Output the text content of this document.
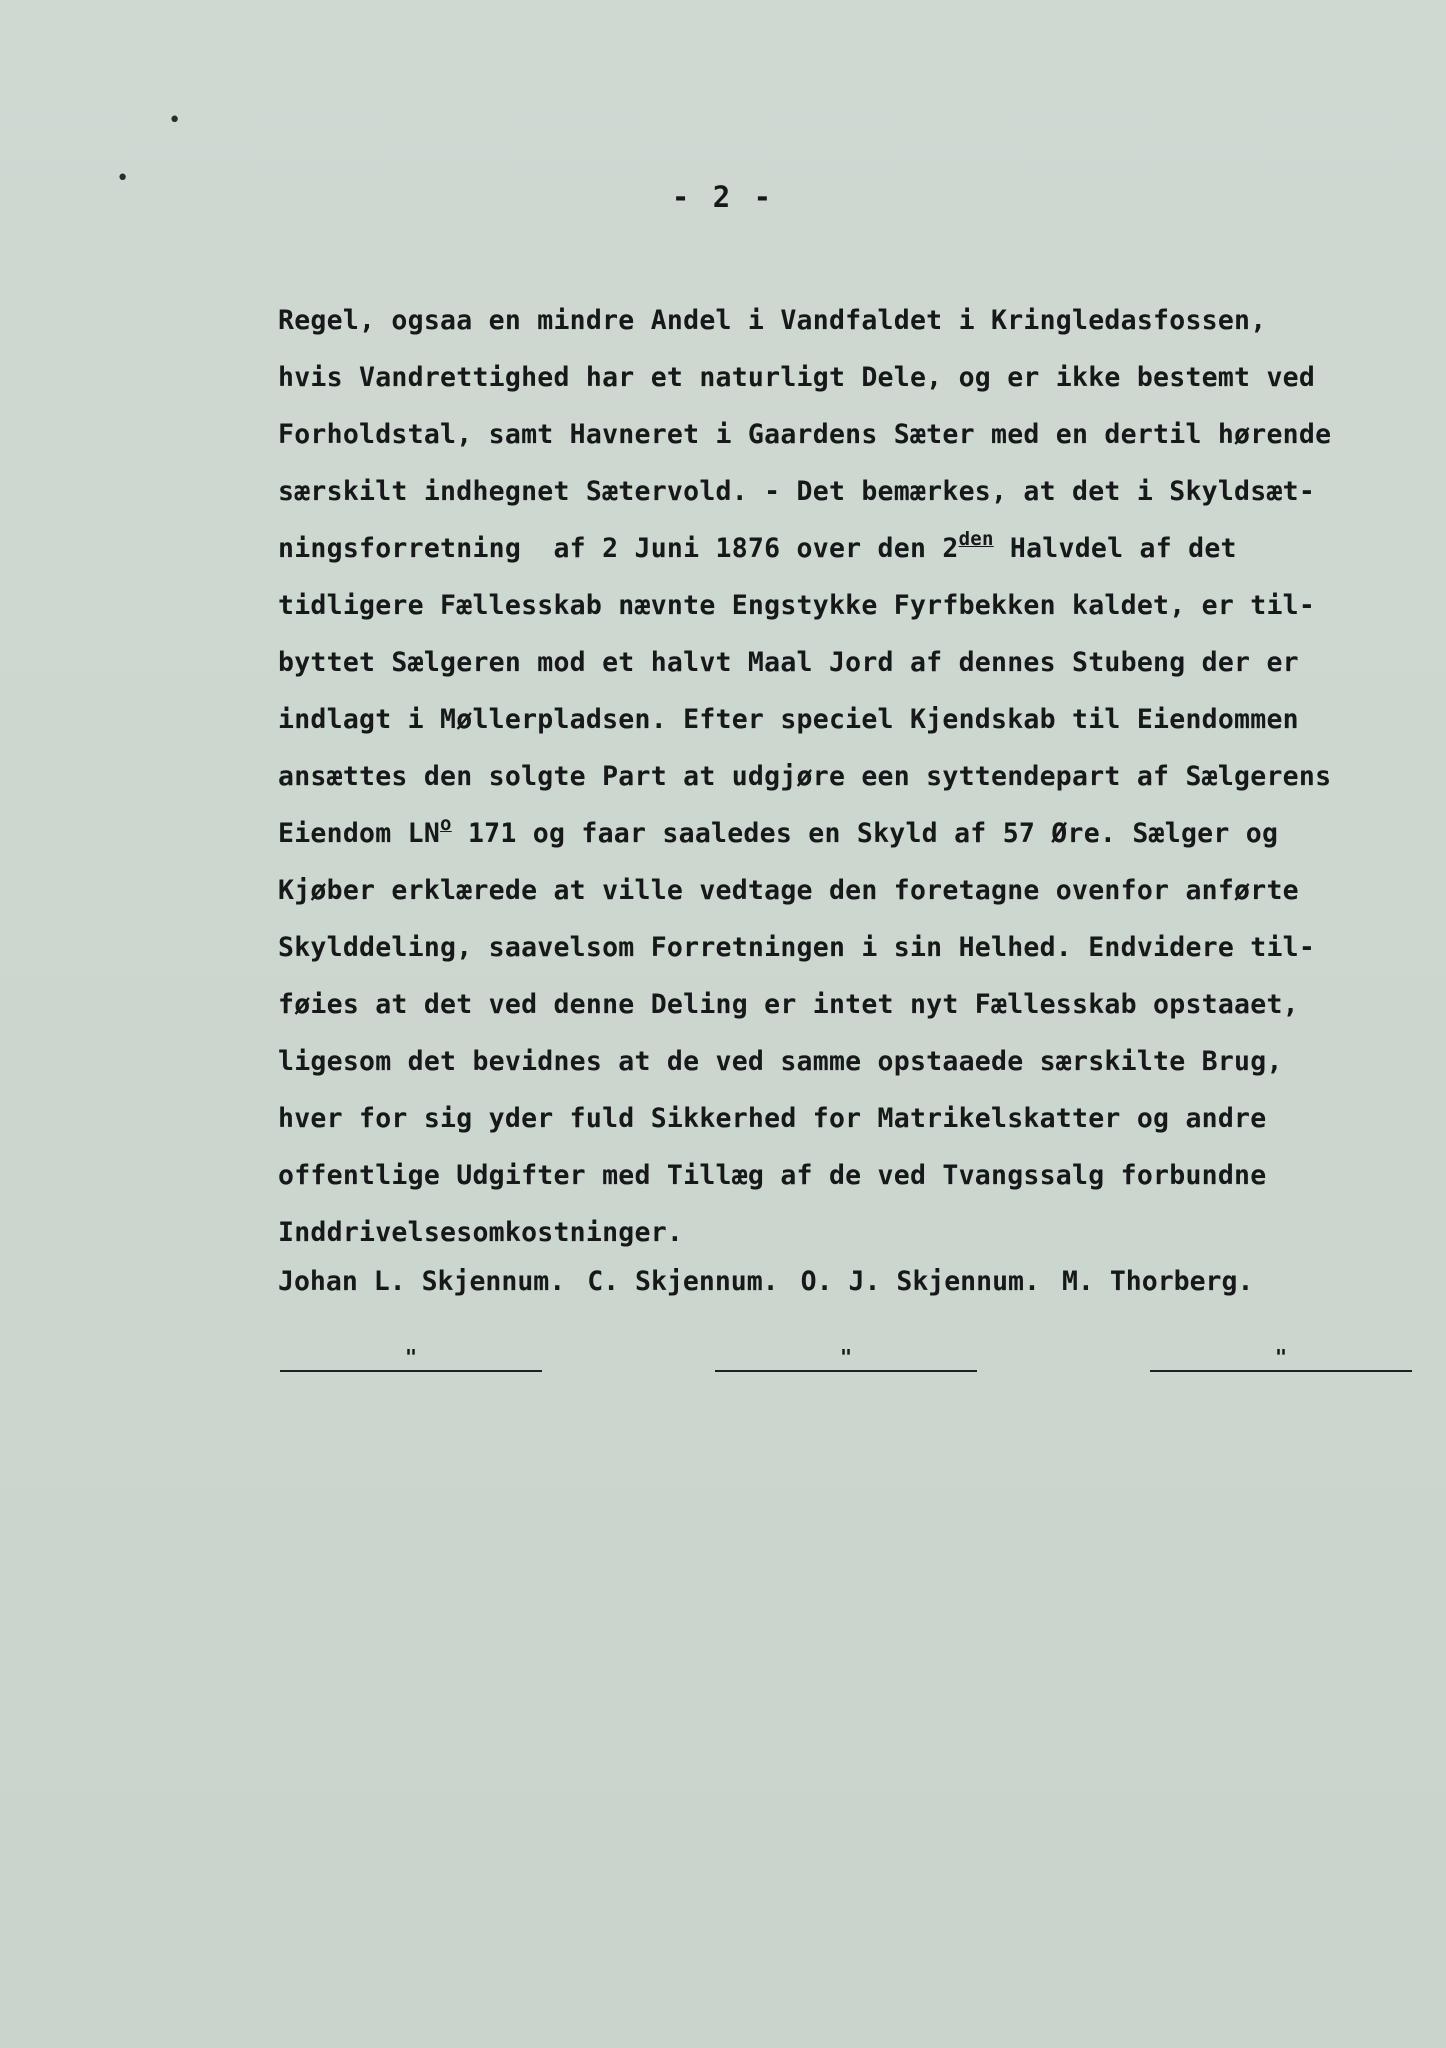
•
•
- 2 -
Regel, ogsaa en mindre Andel i Vandfaldet i Kringledasfossen,
hvis Vandrettighed har et naturligt Dele, og er ikke bestemt ved
Forholdstal, samt Havneret i Gaardens Sæter med en dertil hørende
særskilt indhegnet Sætervold. - Det bemærkes, at det i Skyldsæt-
ningsforretning  af 2 Juni 1876 over den $2^{den}$ Halvdel af det
tidligere Fællesskab nævnte Engstykke Fyrfbekken kaldet, er til-
byttet Sælgeren mod et halvt Maal Jord af dennes Stubeng der er
indlagt i Møllerpladsen. Efter speciel Kjendskab til Eiendommen
ansættes den solgte Part at udgjøre een syttendepart af Sælgerens
Eiendom $LN^o$ 171 og faar saaledes en Skyld af 57 Øre. Sælger og
Kjøber erklærede at ville vedtage den foretagne ovenfor anførte
Skylddeling, saavelsom Forretningen i sin Helhed. Endvidere til-
føies at det ved denne Deling er intet nyt Fællesskab opstaaet,
ligesom det bevidnes at de ved samme opstaaede særskilte Brug,
hver for sig yder fuld Sikkerhed for Matrikelskatter og andre
offentlige Udgifter med Tillæg af de ved Tvangssalg forbundne
Inddrivelsesomkostninger.
Johan L. Skjennum. C. Skjennum. O. J. Skjennum. M. Thorberg.
"	"	"
